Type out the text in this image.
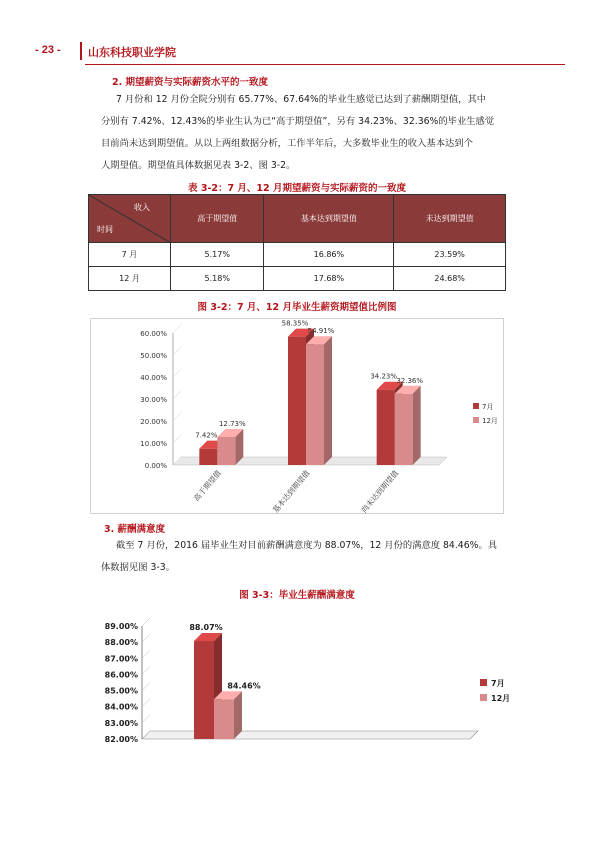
- 23 - 山东科技职业学院
2. 期望薪资与实际薪资水平的一致度
7 月份和 12 月份全院分别有 65.77%、67.64%的毕业生感觉已达到了薪酬期望值，其中
分别有 7.42%、12.43%的毕业生认为已“高于期望值”，另有 34.23%、32.36%的毕业生感觉
目前尚未达到期望值。从以上两组数据分析，工作半年后，大多数毕业生的收入基本达到个
人期望值。期望值具体数据见表 3-2、图 3-2。
表 3-2：7 月、12 月期望薪资与实际薪资的一致度
收入
时间	高于期望值	基本达到期望值	未达到期望值
7 月	5.17%	16.86%	23.59%
12 月	5.18%	17.68%	24.68%
图 3-2：7 月、12 月毕业生薪资期望值比例图
0.00%
10.00%
20.00%
30.00%
40.00%
50.00%
60.00%
7.42%
12.73%
高于期望值
58.35%
54.91%
基本达到期望值
34.23%
32.36%
尚未达到期望值
7月
12月
3. 薪酬满意度
截至 7 月份，2016 届毕业生对目前薪酬满意度为 88.07%，12 月份的满意度 84.46%。具
体数据见图 3-3。
图 3-3：毕业生薪酬满意度
82.00%
83.00%
84.00%
85.00%
86.00%
87.00%
88.00%
89.00%	88.07%
84.46%	7月
12月
